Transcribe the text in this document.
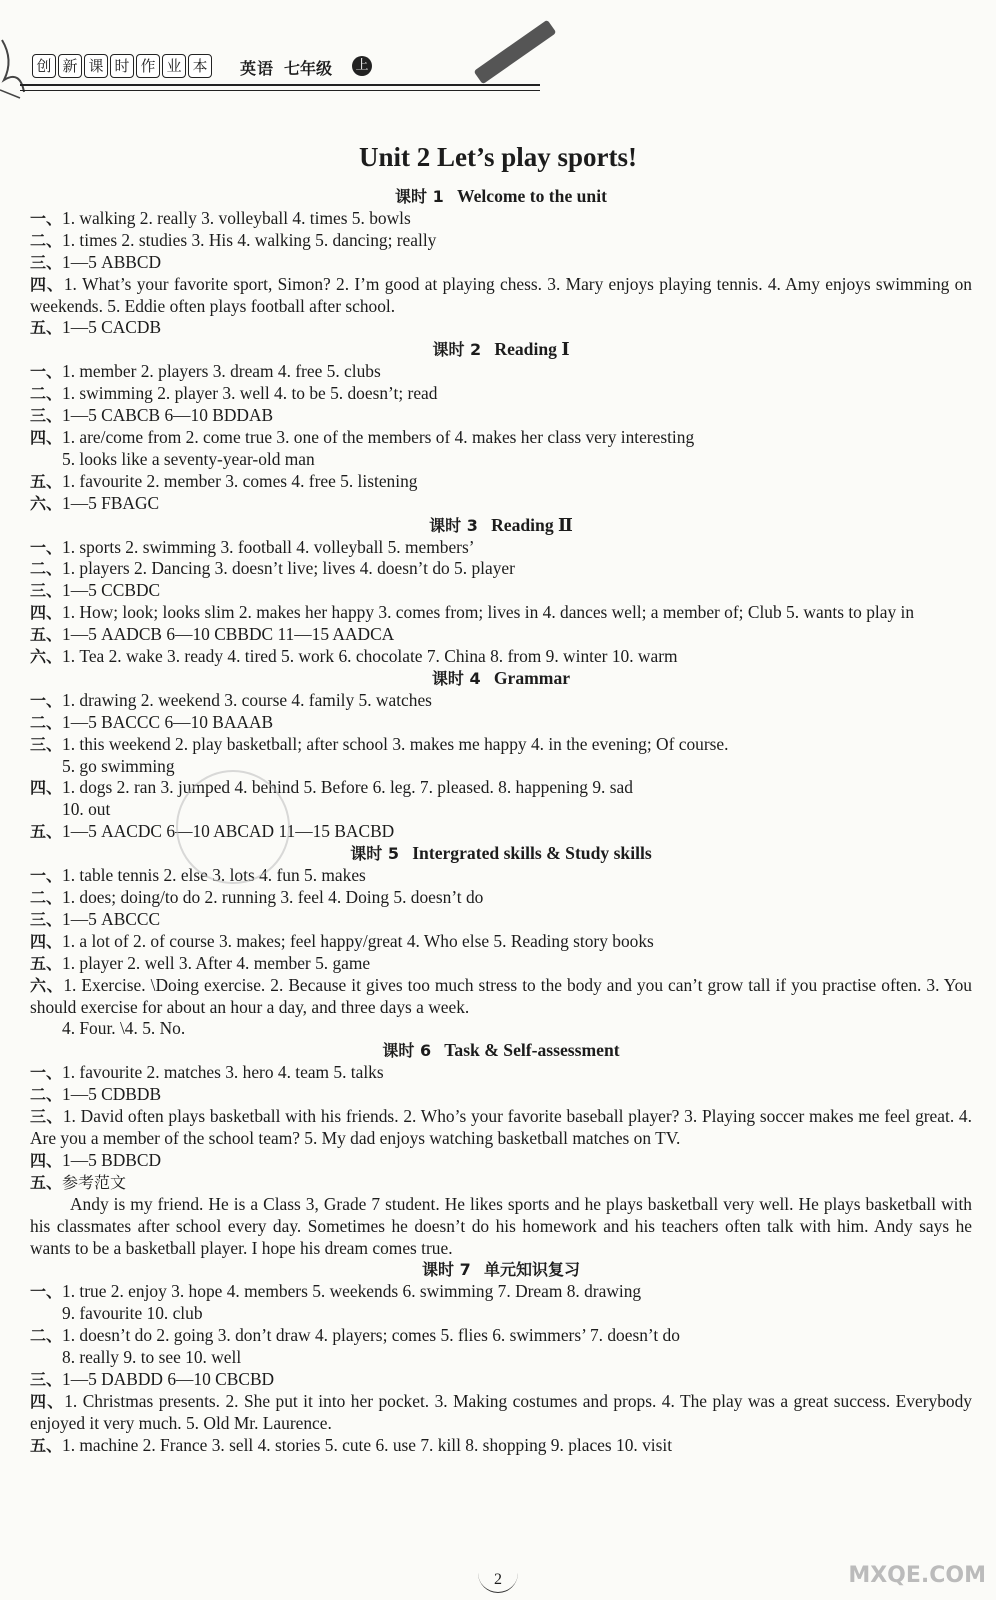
创 新 课 时 作 业 本 英语 七年级 上
Unit 2 Let’s play sports!
课时 1 Welcome to the unit
一、1. walking 2. really 3. volleyball 4. times 5. bowls
二、1. times 2. studies 3. His 4. walking 5. dancing; really
三、1—5 ABBCD
四、1. What’s your favorite sport, Simon? 2. I’m good at playing chess. 3. Mary enjoys playing tennis. 4. Amy enjoys swimming on weekends. 5. Eddie often plays football after school.
五、1—5 CACDB
课时 2 Reading Ⅰ
一、1. member 2. players 3. dream 4. free 5. clubs
二、1. swimming 2. player 3. well 4. to be 5. doesn’t; read
三、1—5 CABCB 6—10 BDDAB
四、1. are/come from 2. come true 3. one of the members of 4. makes her class very interesting
5. looks like a seventy-year-old man
五、1. favourite 2. member 3. comes 4. free 5. listening
六、1—5 FBAGC
课时 3 Reading Ⅱ
一、1. sports 2. swimming 3. football 4. volleyball 5. members’
二、1. players 2. Dancing 3. doesn’t live; lives 4. doesn’t do 5. player
三、1—5 CCBDC
四、1. How; look; looks slim 2. makes her happy 3. comes from; lives in 4. dances well; a member of; Club 5. wants to play in
五、1—5 AADCB 6—10 CBBDC 11—15 AADCA
六、1. Tea 2. wake 3. ready 4. tired 5. work 6. chocolate 7. China 8. from 9. winter 10. warm
课时 4 Grammar
一、1. drawing 2. weekend 3. course 4. family 5. watches
二、1—5 BACCC 6—10 BAAAB
三、1. this weekend 2. play basketball; after school 3. makes me happy 4. in the evening; Of course.
5. go swimming
四、1. dogs 2. ran 3. jumped 4. behind 5. Before 6. leg. 7. pleased. 8. happening 9. sad
10. out
五、1—5 AACDC 6—10 ABCAD 11—15 BACBD
课时 5 Intergrated skills & Study skills
一、1. table tennis 2. else 3. lots 4. fun 5. makes
二、1. does; doing/to do 2. running 3. feel 4. Doing 5. doesn’t do
三、1—5 ABCCC
四、1. a lot of 2. of course 3. makes; feel happy/great 4. Who else 5. Reading story books
五、1. player 2. well 3. After 4. member 5. game
六、1. Exercise. \Doing exercise. 2. Because it gives too much stress to the body and you can’t grow tall if you practise often. 3. You should exercise for about an hour a day, and three days a week.
4. Four. \4. 5. No.
课时 6 Task & Self-assessment
一、1. favourite 2. matches 3. hero 4. team 5. talks
二、1—5 CDBDB
三、1. David often plays basketball with his friends. 2. Who’s your favorite baseball player? 3. Playing soccer makes me feel great. 4. Are you a member of the school team? 5. My dad enjoys watching basketball matches on TV.
四、1—5 BDBCD
五、参考范文
Andy is my friend. He is a Class 3, Grade 7 student. He likes sports and he plays basketball very well. He plays basketball with his classmates after school every day. Sometimes he doesn’t do his homework and his teachers often talk with him. Andy says he wants to be a basketball player. I hope his dream comes true.
课时 7 单元知识复习
一、1. true 2. enjoy 3. hope 4. members 5. weekends 6. swimming 7. Dream 8. drawing
9. favourite 10. club
二、1. doesn’t do 2. going 3. don’t draw 4. players; comes 5. flies 6. swimmers’ 7. doesn’t do
8. really 9. to see 10. well
三、1—5 DABDD 6—10 CBCBD
四、1. Christmas presents. 2. She put it into her pocket. 3. Making costumes and props. 4. The play was a great success. Everybody enjoyed it very much. 5. Old Mr. Laurence.
五、1. machine 2. France 3. sell 4. stories 5. cute 6. use 7. kill 8. shopping 9. places 10. visit
2	MXQE.COM
